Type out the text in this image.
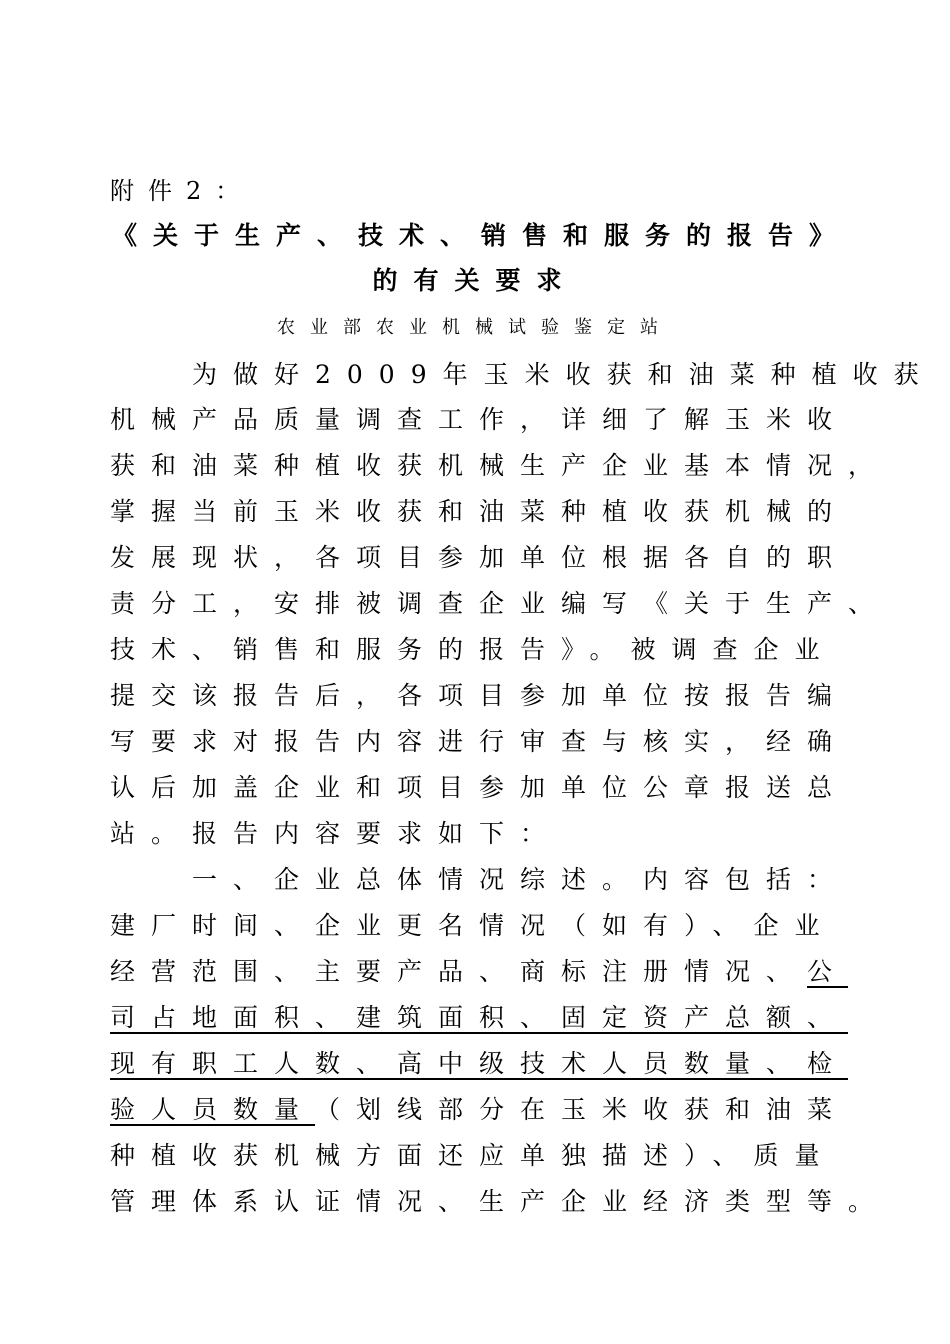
附件2：
《关于生产、技术、销售和服务的报告》
的有关要求
农业部农业机械试验鉴定站
　　为做好2009年玉米收获和油菜种植收获
机械产品质量调查工作，详细了解玉米收
获和油菜种植收获机械生产企业基本情况，
掌握当前玉米收获和油菜种植收获机械的
发展现状，各项目参加单位根据各自的职
责分工，安排被调查企业编写《关于生产、
技术、销售和服务的报告》。被调查企业
提交该报告后，各项目参加单位按报告编
写要求对报告内容进行审查与核实，经确
认后加盖企业和项目参加单位公章报送总
站。报告内容要求如下：
　　一、企业总体情况综述。内容包括：
建厂时间、企业更名情况（如有）、企业
经营范围、主要产品、商标注册情况、公
司占地面积、建筑面积、固定资产总额、
现有职工人数、高中级技术人员数量、检
验人员数量（划线部分在玉米收获和油菜
种植收获机械方面还应单独描述）、质量
管理体系认证情况、生产企业经济类型等。
